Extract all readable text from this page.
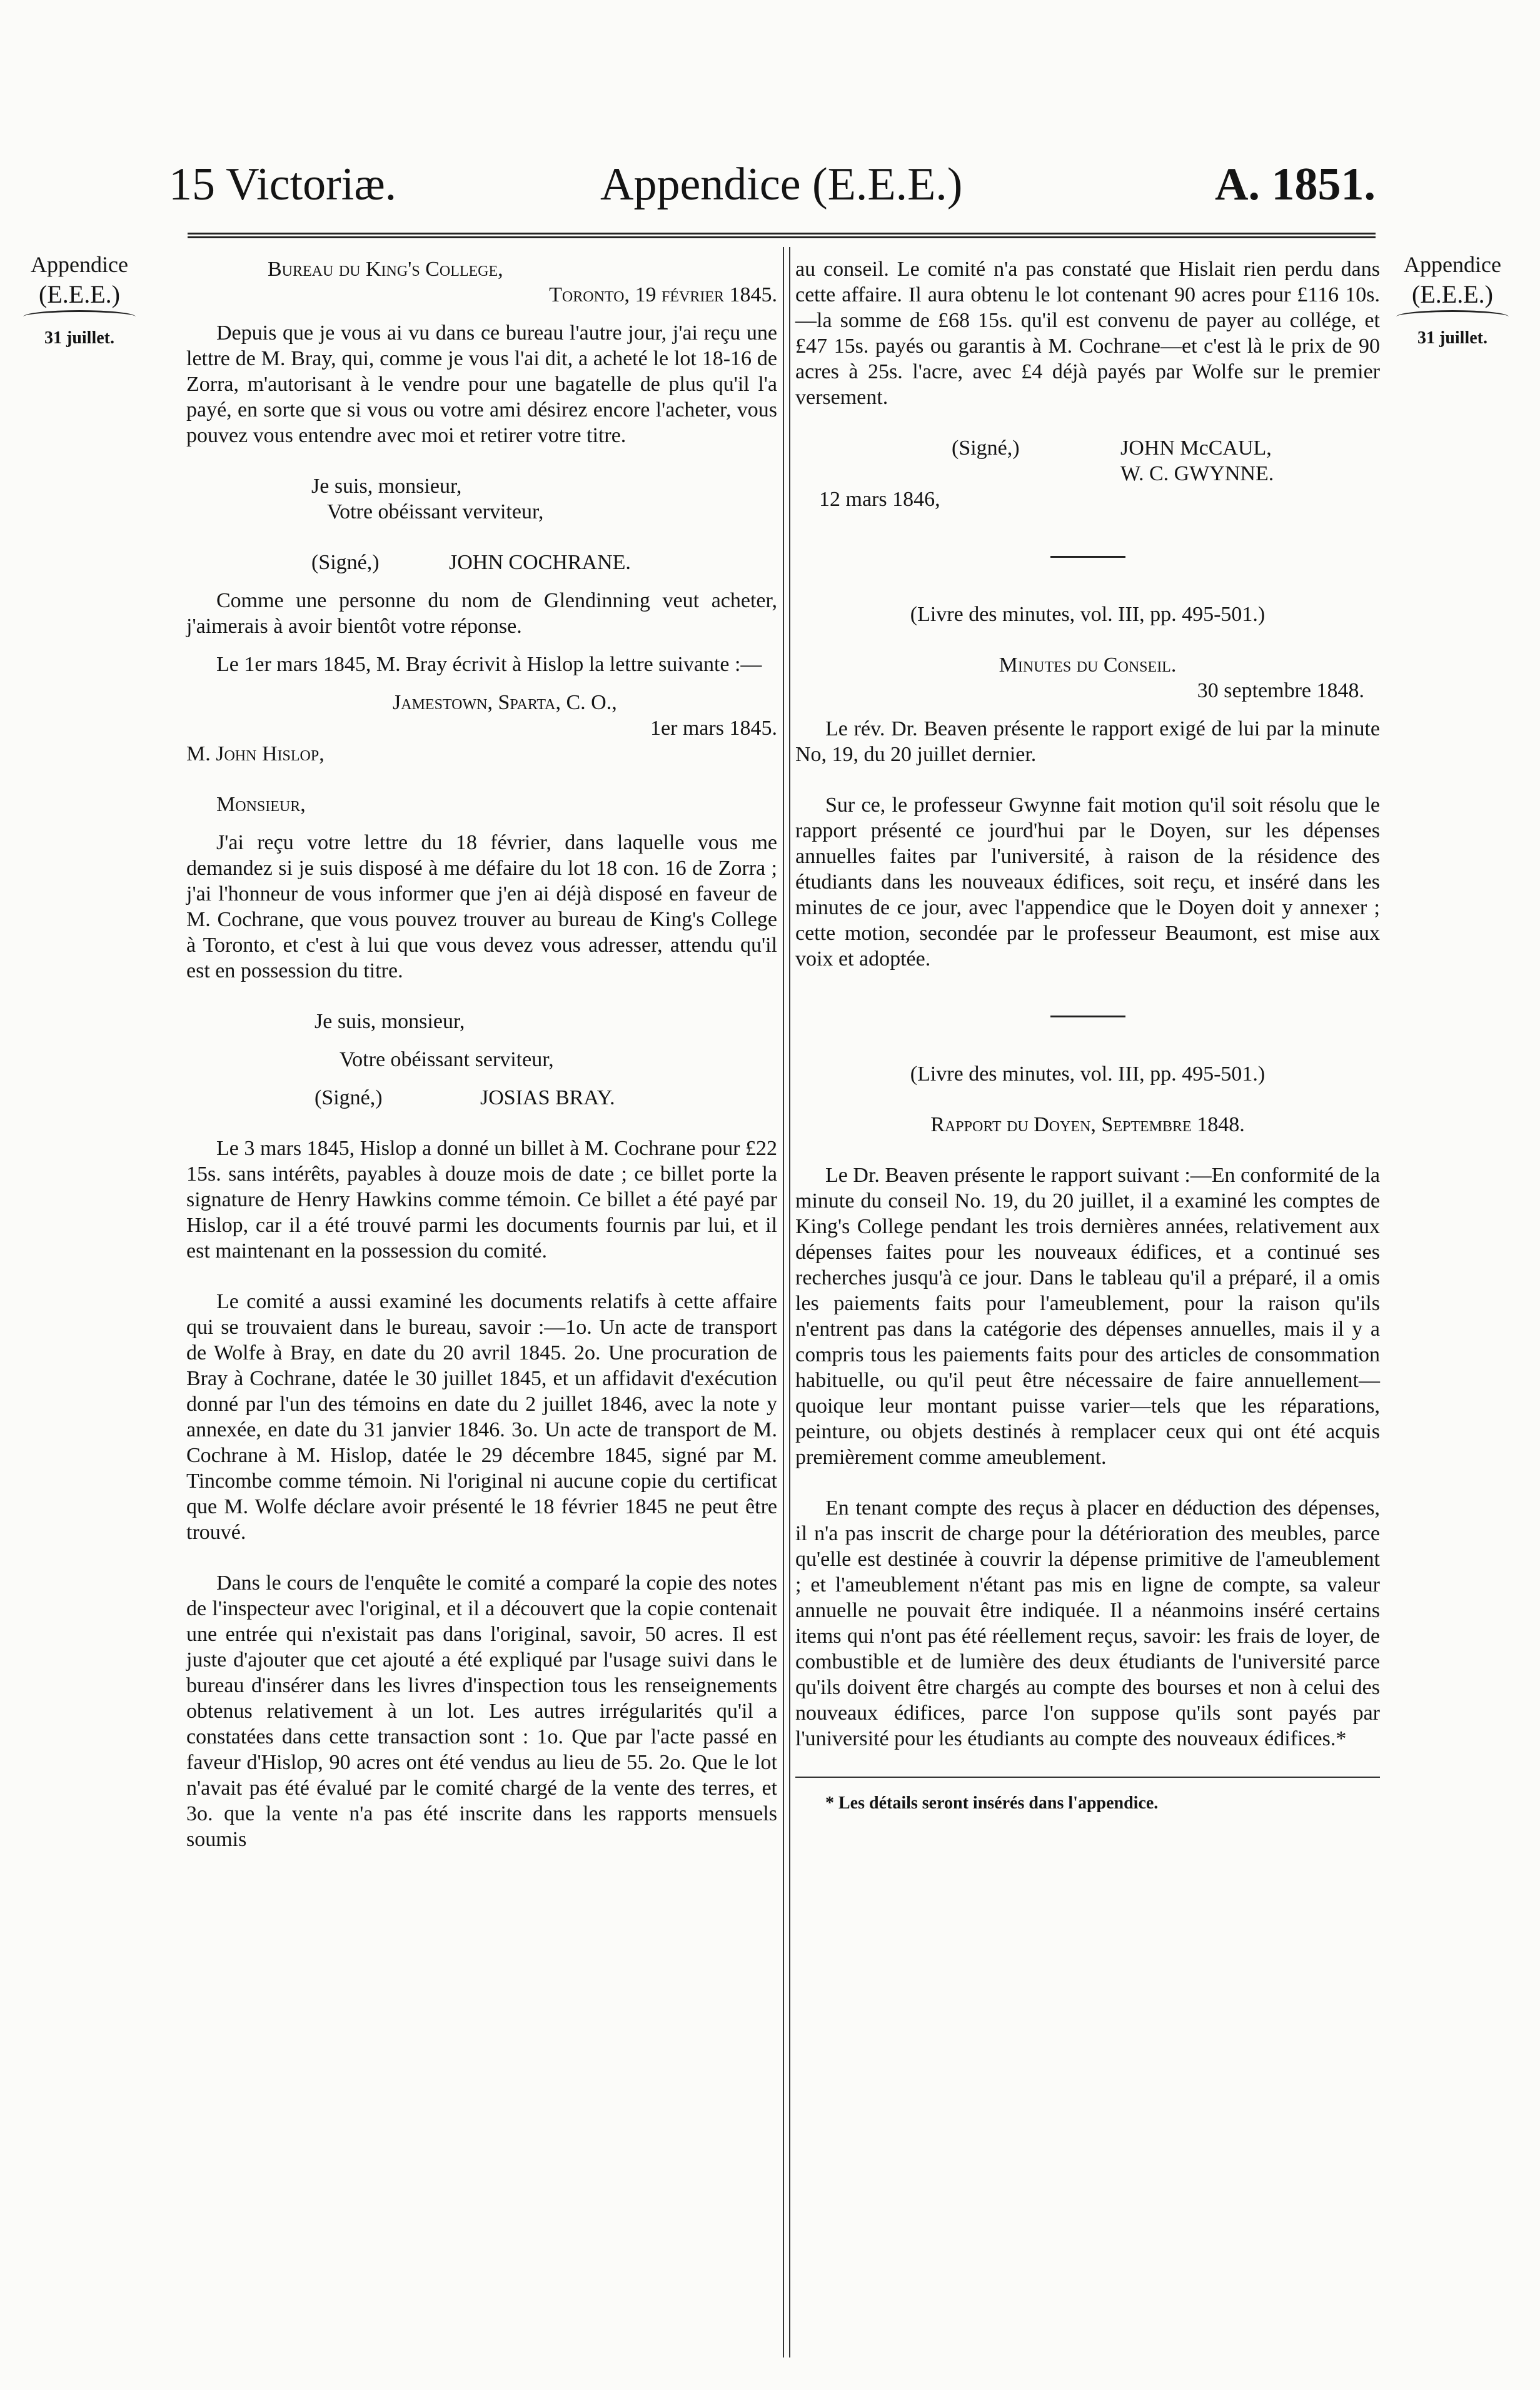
15 Victoriæ.	Appendice (E.E.E.)	A. 1851.
Appendice
(E.E.E.)
31 juillet.
Appendice
(E.E.E.)
31 juillet.

Bureau du King's College,

Toronto, 19 février 1845.

Depuis que je vous ai vu dans ce bureau l'autre jour, j'ai reçu une lettre de M. Bray, qui, comme je vous l'ai dit, a acheté le lot 18-16 de Zorra, m'autorisant à le vendre pour une bagatelle de plus qu'il l'a payé, en sorte que si vous ou votre ami désirez encore l'acheter, vous pouvez vous entendre avec moi et retirer votre titre.

Je suis, monsieur,

Votre obéissant verviteur,

(Signé,)	JOHN COCHRANE.

Comme une personne du nom de Glendinning veut acheter, j'aimerais à avoir bientôt votre réponse.

Le 1er mars 1845, M. Bray écrivit à Hislop la lettre suivante :—

Jamestown, Sparta, C. O.,

1er mars 1845.

M. John Hislop,

Monsieur,

J'ai reçu votre lettre du 18 février, dans laquelle vous me demandez si je suis disposé à me défaire du lot 18 con. 16 de Zorra ; j'ai l'honneur de vous informer que j'en ai déjà disposé en faveur de M. Cochrane, que vous pouvez trouver au bureau de King's College à Toronto, et c'est à lui que vous devez vous adresser, attendu qu'il est en possession du titre.

Je suis, monsieur,

Votre obéissant serviteur,

(Signé,)	JOSIAS BRAY.

Le 3 mars 1845, Hislop a donné un billet à M. Cochrane pour £22 15s. sans intérêts, payables à douze mois de date ; ce billet porte la signature de Henry Hawkins comme témoin. Ce billet a été payé par Hislop, car il a été trouvé parmi les documents fournis par lui, et il est maintenant en la possession du comité.

Le comité a aussi examiné les documents relatifs à cette affaire qui se trouvaient dans le bureau, savoir :—1o. Un acte de transport de Wolfe à Bray, en date du 20 avril 1845. 2o. Une procuration de Bray à Cochrane, datée le 30 juillet 1845, et un affidavit d'exécution donné par l'un des témoins en date du 2 juillet 1846, avec la note y annexée, en date du 31 janvier 1846. 3o. Un acte de transport de M. Cochrane à M. Hislop, datée le 29 décembre 1845, signé par M. Tincombe comme témoin. Ni l'original ni aucune copie du certificat que M. Wolfe déclare avoir présenté le 18 février 1845 ne peut être trouvé.

Dans le cours de l'enquête le comité a comparé la copie des notes de l'inspecteur avec l'original, et il a découvert que la copie contenait une entrée qui n'existait pas dans l'original, savoir, 50 acres. Il est juste d'ajouter que cet ajouté a été expliqué par l'usage suivi dans le bureau d'insérer dans les livres d'inspection tous les renseignements obtenus relativement à un lot. Les autres irrégularités qu'il a constatées dans cette transaction sont : 1o. Que par l'acte passé en faveur d'Hislop, 90 acres ont été vendus au lieu de 55. 2o. Que le lot n'avait pas été évalué par le comité chargé de la vente des terres, et 3o. que la vente n'a pas été inscrite dans les rapports mensuels soumis

au conseil. Le comité n'a pas constaté que Hislait rien perdu dans cette affaire. Il aura obtenu le lot contenant 90 acres pour £116 10s.—la somme de £68 15s. qu'il est convenu de payer au collége, et £47 15s. payés ou garantis à M. Cochrane—et c'est là le prix de 90 acres à 25s. l'acre, avec £4 déjà payés par Wolfe sur le premier versement.

(Signé,)	JOHN McCAUL,

W. C. GWYNNE.

12 mars 1846,

(Livre des minutes, vol. III, pp. 495-501.)

Minutes du Conseil.

30 septembre 1848.

Le rév. Dr. Beaven présente le rapport exigé de lui par la minute No, 19, du 20 juillet dernier.

Sur ce, le professeur Gwynne fait motion qu'il soit résolu que le rapport présenté ce jourd'hui par le Doyen, sur les dépenses annuelles faites par l'université, à raison de la résidence des étudiants dans les nouveaux édifices, soit reçu, et inséré dans les minutes de ce jour, avec l'appendice que le Doyen doit y annexer ; cette motion, secondée par le professeur Beaumont, est mise aux voix et adoptée.

(Livre des minutes, vol. III, pp. 495-501.)

Rapport du Doyen, Septembre 1848.

Le Dr. Beaven présente le rapport suivant :—En conformité de la minute du conseil No. 19, du 20 juillet, il a examiné les comptes de King's College pendant les trois dernières années, relativement aux dépenses faites pour les nouveaux édifices, et a continué ses recherches jusqu'à ce jour. Dans le tableau qu'il a préparé, il a omis les paiements faits pour l'ameublement, pour la raison qu'ils n'entrent pas dans la catégorie des dépenses annuelles, mais il y a compris tous les paiements faits pour des articles de consommation habituelle, ou qu'il peut être nécessaire de faire annuellement—quoique leur montant puisse varier—tels que les réparations, peinture, ou objets destinés à remplacer ceux qui ont été acquis premièrement comme ameublement.

En tenant compte des reçus à placer en déduction des dépenses, il n'a pas inscrit de charge pour la détérioration des meubles, parce qu'elle est destinée à couvrir la dépense primitive de l'ameublement ; et l'ameublement n'étant pas mis en ligne de compte, sa valeur annuelle ne pouvait être indiquée. Il a néanmoins inséré certains items qui n'ont pas été réellement reçus, savoir: les frais de loyer, de combustible et de lumière des deux étudiants de l'université parce qu'ils doivent être chargés au compte des bourses et non à celui des nouveaux édifices, parce l'on suppose qu'ils sont payés par l'université pour les étudiants au compte des nouveaux édifices.*

* Les détails seront insérés dans l'appendice.
